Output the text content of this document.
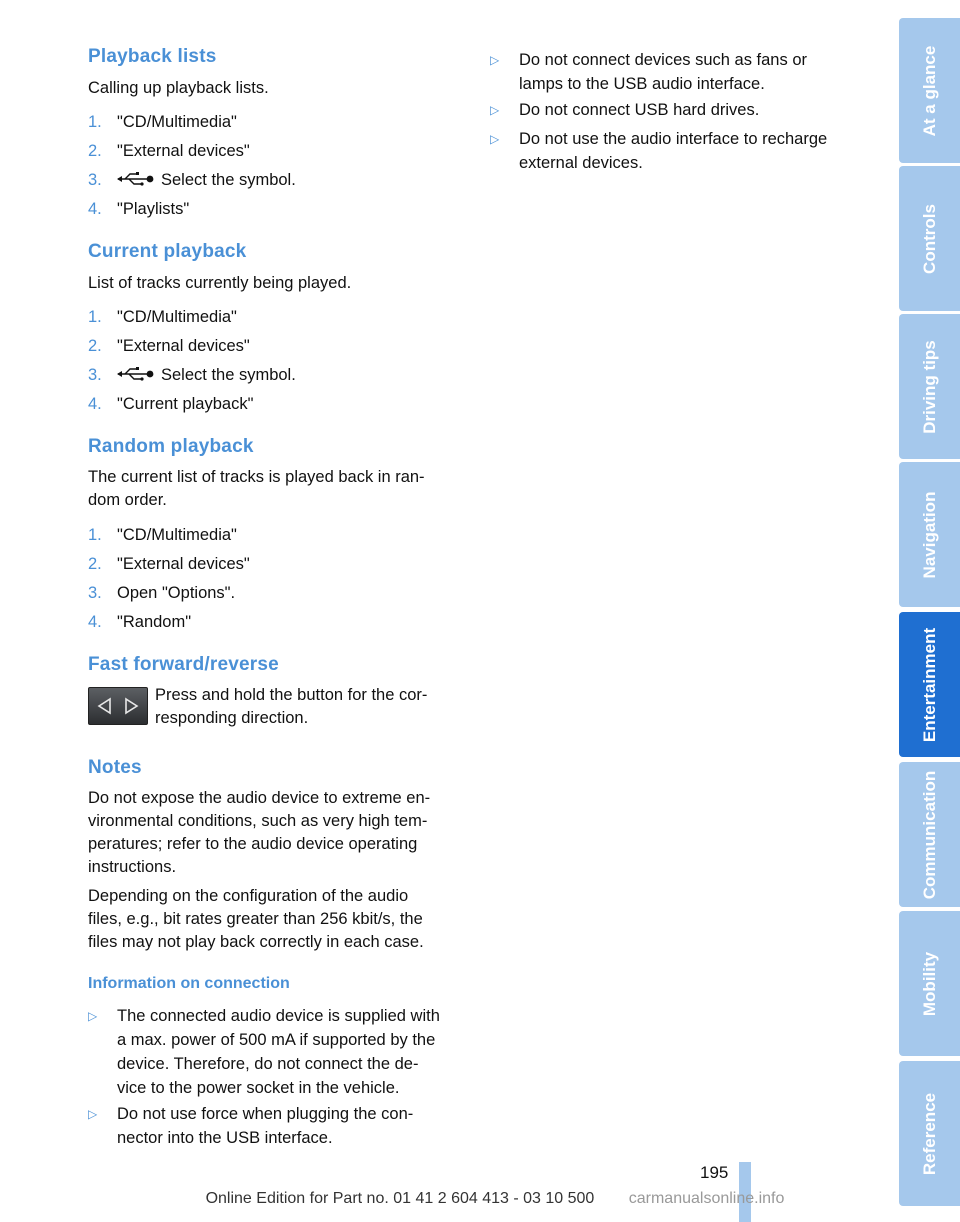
Playback lists
Calling up playback lists.
1. "CD/Multimedia"
2. "External devices"
3.	Select the symbol.
4. "Playlists"
Current playback
List of tracks currently being played.
1. "CD/Multimedia"
2. "External devices"
3.	Select the symbol.
4. "Current playback"
Random playback
The current list of tracks is played back in ran-
dom order.
1. "CD/Multimedia"
2. "External devices"
3. Open "Options".
4. "Random"
Fast forward/reverse
Press and hold the button for the cor-
responding direction.
Notes
Do not expose the audio device to extreme en-
vironmental conditions, such as very high tem-
peratures; refer to the audio device operating
instructions.
Depending on the configuration of the audio
files, e.g., bit rates greater than 256 kbit/s, the
files may not play back correctly in each case.
Information on connection
▷ The connected audio device is supplied with
a max. power of 500 mA if supported by the
device. Therefore, do not connect the de-
vice to the power socket in the vehicle.
▷ Do not use force when plugging the con-
nector into the USB interface.
▷ Do not connect devices such as fans or
lamps to the USB audio interface.
▷ Do not connect USB hard drives.
▷ Do not use the audio interface to recharge
external devices.
At a glance
Controls
Driving tips
Navigation
Entertainment
Communication
Mobility
Reference
195
Online Edition for Part no. 01 41 2 604 413 - 03 10 500 carmanualsonline.info
